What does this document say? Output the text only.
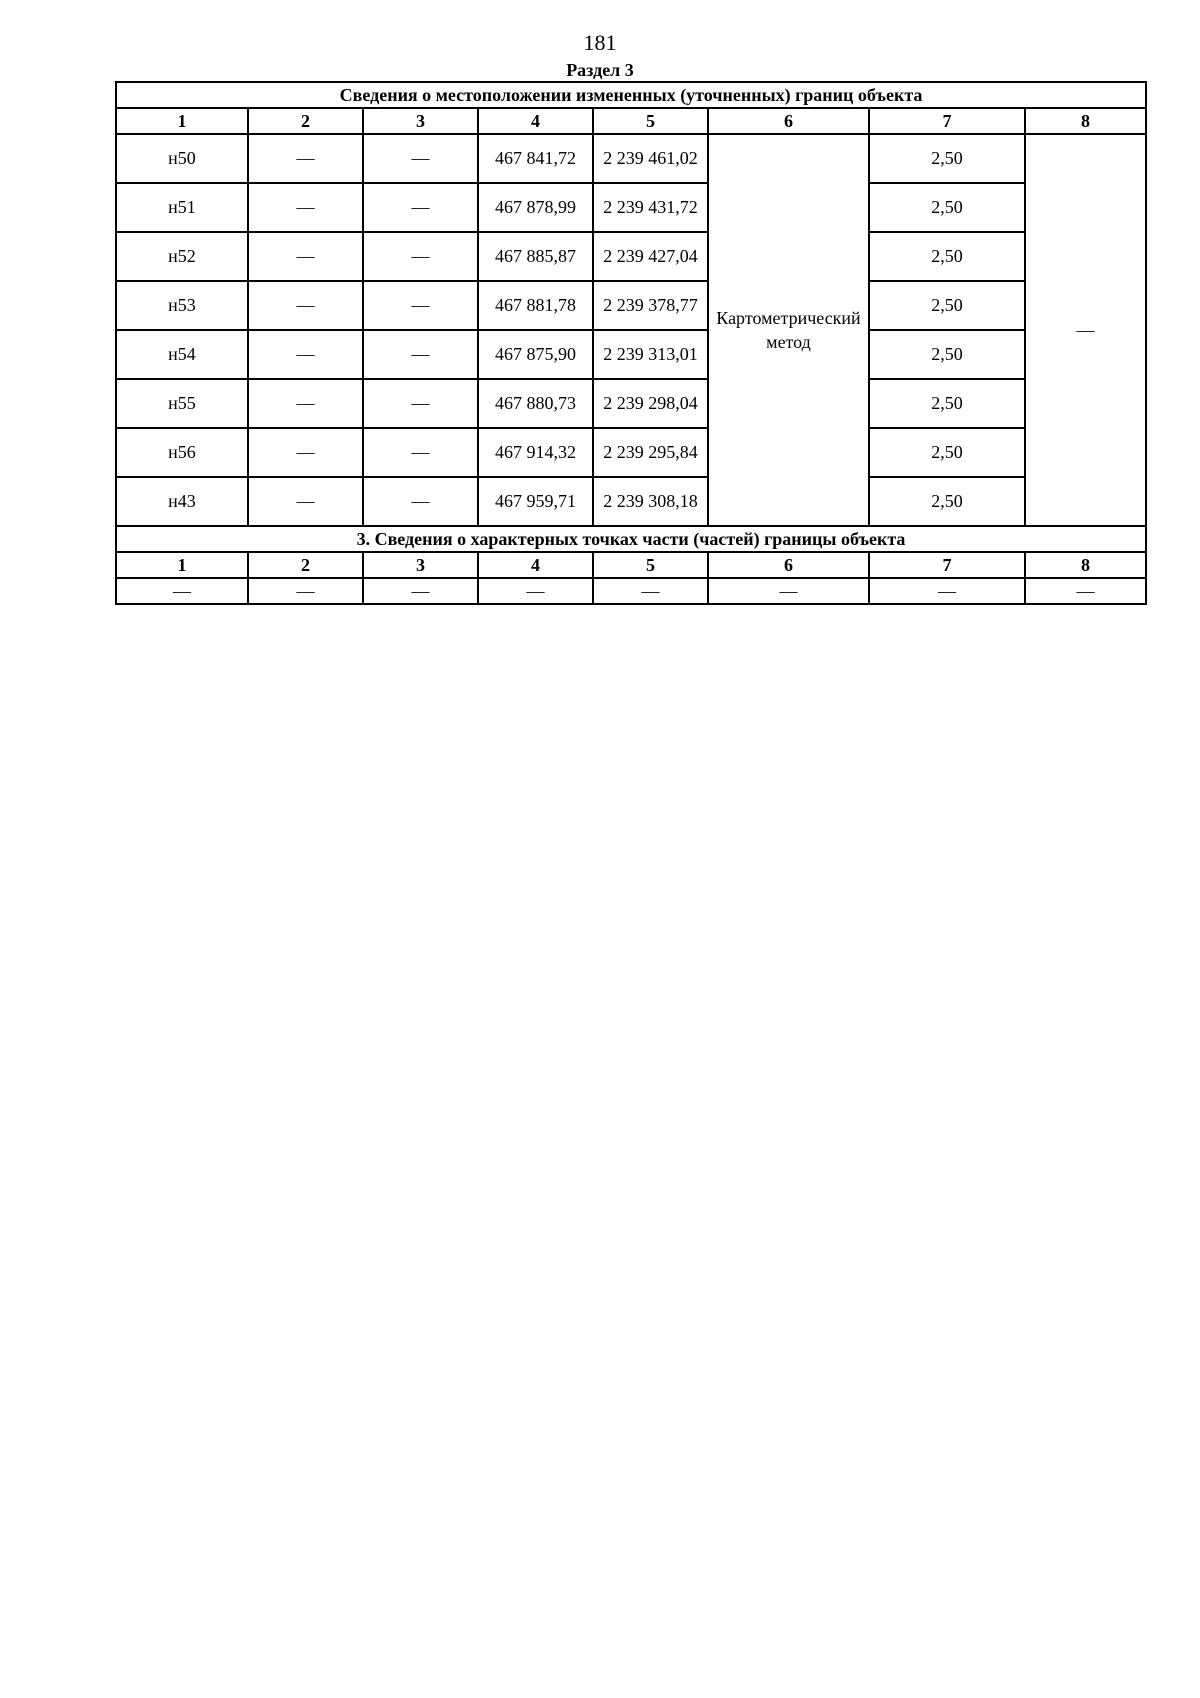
181
Раздел 3
Сведения о местоположении измененных (уточненных) границ объекта							
1	2	3	4	5	6	7	8
н50	—	—	467 841,72	2 239 461,02	Картометрический метод	2,50	—
н51	—	—	467 878,99	2 239 431,72		2,50	
н52	—	—	467 885,87	2 239 427,04		2,50	
н53	—	—	467 881,78	2 239 378,77		2,50	
н54	—	—	467 875,90	2 239 313,01		2,50	
н55	—	—	467 880,73	2 239 298,04		2,50	
н56	—	—	467 914,32	2 239 295,84		2,50	
н43	—	—	467 959,71	2 239 308,18		2,50	
3. Сведения о характерных точках части (частей) границы объекта							
1	2	3	4	5	6	7	8
—	—	—	—	—	—	—	—
